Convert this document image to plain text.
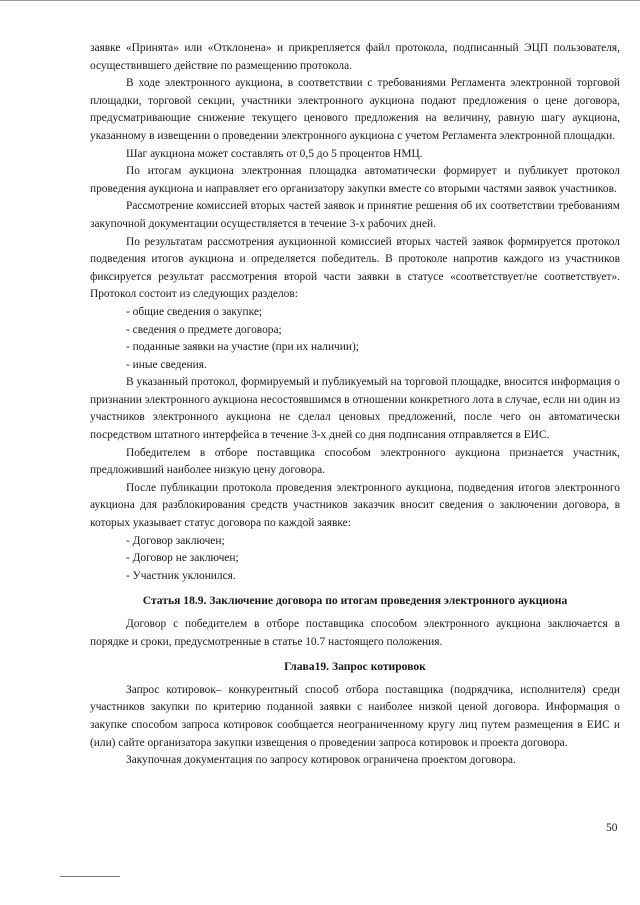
заявке «Принята» или «Отклонена» и прикрепляется файл протокола, подписанный ЭЦП пользователя, осуществившего действие по размещению протокола.

В ходе электронного аукциона, в соответствии с требованиями Регламента электронной торговой площадки, торговой секции, участники электронного аукциона подают предложения о цене договора, предусматривающие снижение текущего ценового предложения на величину, равную шагу аукциона, указанному в извещении о проведении электронного аукциона с учетом Регламента электронной площадки.

Шаг аукциона может составлять от 0,5 до 5 процентов НМЦ.

По итогам аукциона электронная площадка автоматически формирует и публикует протокол проведения аукциона и направляет его организатору закупки вместе со вторыми частями заявок участников.

Рассмотрение комиссией вторых частей заявок и принятие решения об их соответствии требованиям закупочной документации осуществляется в течение 3-х рабочих дней.

По результатам рассмотрения аукционной комиссией вторых частей заявок формируется протокол подведения итогов аукциона и определяется победитель. В протоколе напротив каждого из участников фиксируется результат рассмотрения второй части заявки в статусе «соответствует/не соответствует». Протокол состоит из следующих разделов:

- общие сведения о закупке;

- сведения о предмете договора;

- поданные заявки на участие (при их наличии);

- иные сведения.

В указанный протокол, формируемый и публикуемый на торговой площадке, вносится информация о признании электронного аукциона несостоявшимся в отношении конкретного лота в случае, если ни один из участников электронного аукциона не сделал ценовых предложений, после чего он автоматически посредством штатного интерфейса в течение 3-х дней со дня подписания отправляется в ЕИС.

Победителем в отборе поставщика способом электронного аукциона признается участник, предложивший наиболее низкую цену договора.

После публикации протокола проведения электронного аукциона, подведения итогов электронного аукциона для разблокирования средств участников заказчик вносит сведения о заключении договора, в которых указывает статус договора по каждой заявке:

- Договор заключен;

- Договор не заключен;

- Участник уклонился.

Статья 18.9. Заключение договора по итогам проведения электронного аукциона

Договор с победителем в отборе поставщика способом электронного аукциона заключается в порядке и сроки, предусмотренные в статье 10.7 настоящего положения.

Глава19. Запрос котировок

Запрос котировок– конкурентный способ отбора поставщика (подрядчика, исполнителя) среди участников закупки по критерию поданной заявки с наиболее низкой ценой договора. Информация о закупке способом запроса котировок сообщается неограниченному кругу лиц путем размещения в ЕИС и (или) сайте организатора закупки извещения о проведении запроса котировок и проекта договора.

Закупочная документация по запросу котировок ограничена проектом договора.

50
